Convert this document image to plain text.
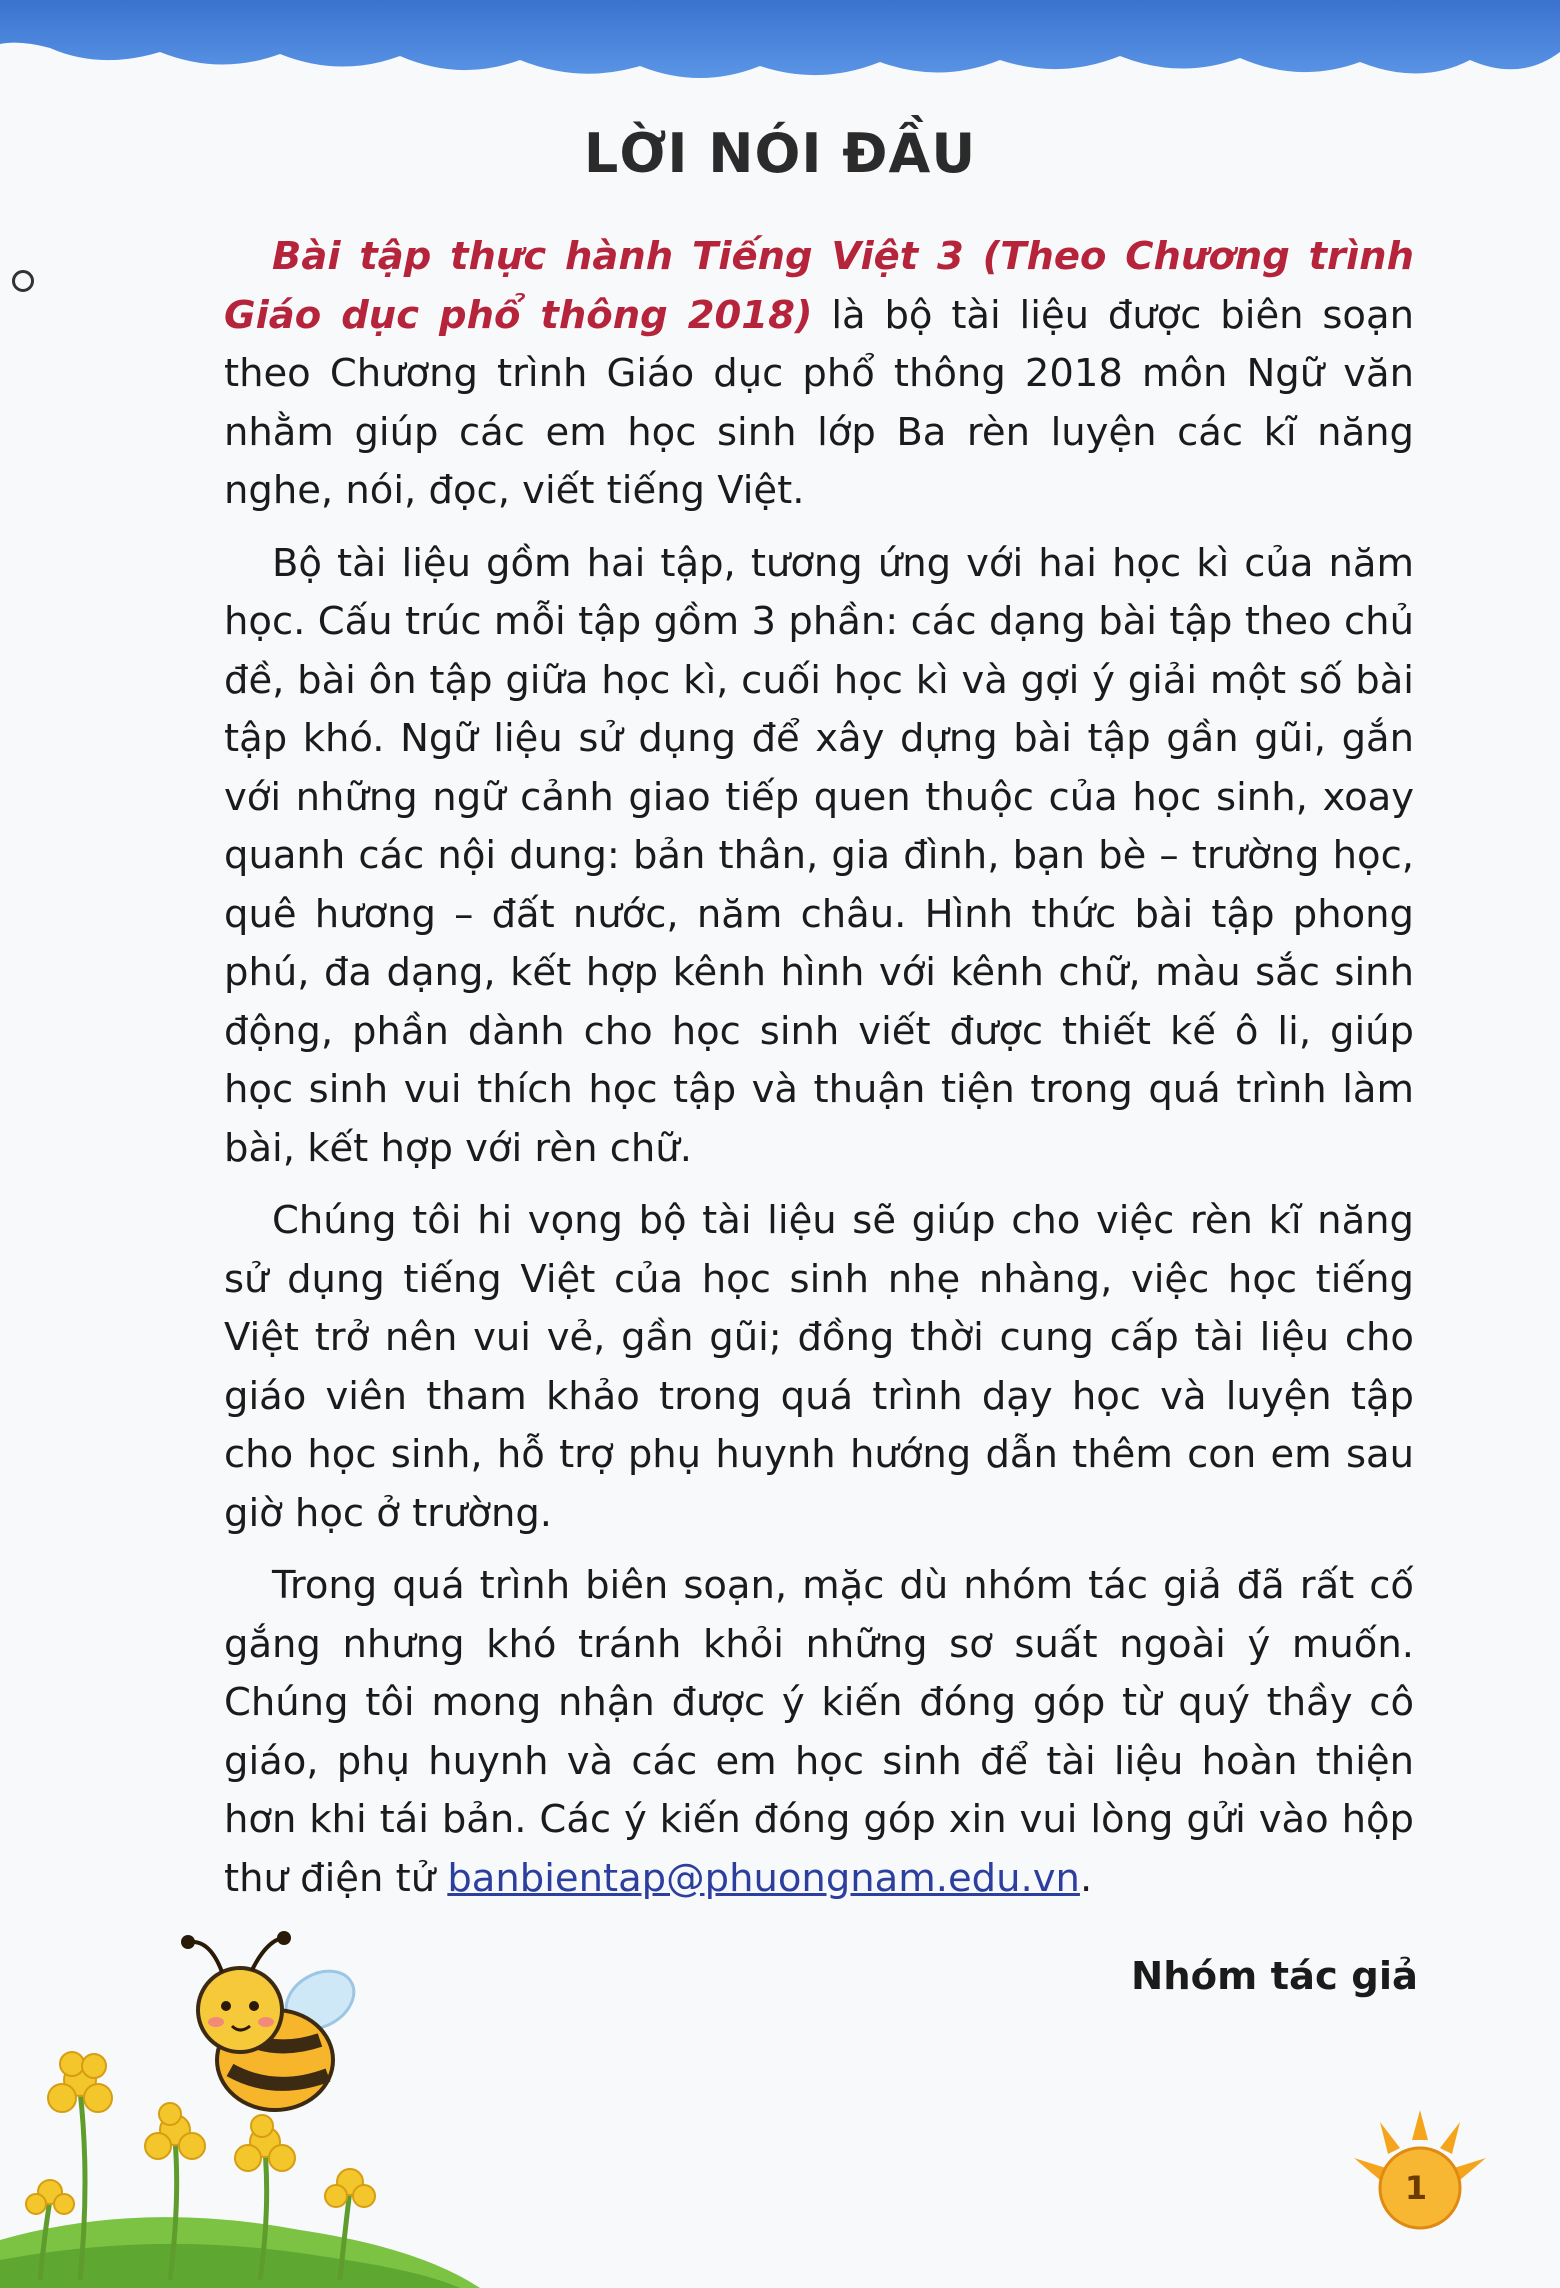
LỜI NÓI ĐẦU

Bài tập thực hành Tiếng Việt 3 (Theo Chương trình Giáo dục phổ thông 2018) là bộ tài liệu được biên soạn theo Chương trình Giáo dục phổ thông 2018 môn Ngữ văn nhằm giúp các em học sinh lớp Ba rèn luyện các kĩ năng nghe, nói, đọc, viết tiếng Việt.

Bộ tài liệu gồm hai tập, tương ứng với hai học kì của năm học. Cấu trúc mỗi tập gồm 3 phần: các dạng bài tập theo chủ đề, bài ôn tập giữa học kì, cuối học kì và gợi ý giải một số bài tập khó. Ngữ liệu sử dụng để xây dựng bài tập gần gũi, gắn với những ngữ cảnh giao tiếp quen thuộc của học sinh, xoay quanh các nội dung: bản thân, gia đình, bạn bè – trường học, quê hương – đất nước, năm châu. Hình thức bài tập phong phú, đa dạng, kết hợp kênh hình với kênh chữ, màu sắc sinh động, phần dành cho học sinh viết được thiết kế ô li, giúp học sinh vui thích học tập và thuận tiện trong quá trình làm bài, kết hợp với rèn chữ.

Chúng tôi hi vọng bộ tài liệu sẽ giúp cho việc rèn kĩ năng sử dụng tiếng Việt của học sinh nhẹ nhàng, việc học tiếng Việt trở nên vui vẻ, gần gũi; đồng thời cung cấp tài liệu cho giáo viên tham khảo trong quá trình dạy học và luyện tập cho học sinh, hỗ trợ phụ huynh hướng dẫn thêm con em sau giờ học ở trường.

Trong quá trình biên soạn, mặc dù nhóm tác giả đã rất cố gắng nhưng khó tránh khỏi những sơ suất ngoài ý muốn. Chúng tôi mong nhận được ý kiến đóng góp từ quý thầy cô giáo, phụ huynh và các em học sinh để tài liệu hoàn thiện hơn khi tái bản. Các ý kiến đóng góp xin vui lòng gửi vào hộp thư điện tử banbientap@phuongnam.edu.vn.

Nhóm tác giả
1
